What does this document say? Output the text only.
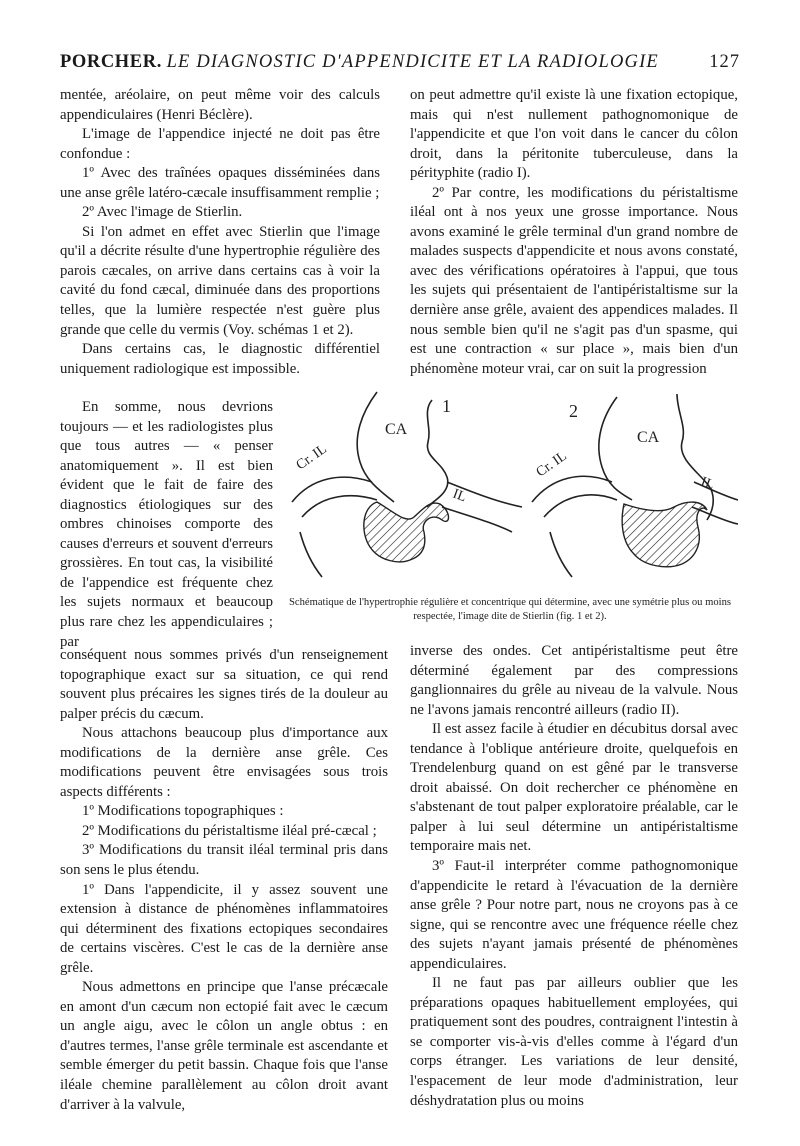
PORCHER. LE DIAGNOSTIC D'APPENDICITE ET LA RADIOLOGIE	127

mentée, aréolaire, on peut même voir des calculs appendiculaires (Henri Béclère).

L'image de l'appendice injecté ne doit pas être confondue :

1º Avec des traînées opaques disséminées dans une anse grêle latéro-cæcale insuffisamment remplie ;

2º Avec l'image de Stierlin.

Si l'on admet en effet avec Stierlin que l'image qu'il a décrite résulte d'une hypertrophie régulière des parois cæcales, on arrive dans certains cas à voir la cavité du fond cæcal, diminuée dans des proportions telles, que la lumière respectée n'est guère plus grande que celle du vermis (Voy. schémas 1 et 2).

Dans certains cas, le diagnostic différentiel uniquement radiologique est impossible.

En somme, nous devrions toujours — et les radiologistes plus que tous autres — « penser anatomiquement ». Il est bien évident que le fait de faire des diagnostics étiologiques sur des ombres chinoises comporte des causes d'erreurs et souvent d'erreurs grossières. En tout cas, la visibilité de l'appendice est fréquente chez les sujets normaux et beaucoup plus rare chez les appendiculaires ; par

conséquent nous sommes privés d'un renseignement topographique exact sur sa situation, ce qui rend souvent plus précaires les signes tirés de la douleur au palper précis du cæcum.

Nous attachons beaucoup plus d'importance aux modifications de la dernière anse grêle. Ces modifications peuvent être envisagées sous trois aspects différents :

1º Modifications topographiques :

2º Modifications du péristaltisme iléal pré-cæcal ;

3º Modifications du transit iléal terminal pris dans son sens le plus étendu.

1º Dans l'appendicite, il y assez souvent une extension à distance de phénomènes inflammatoires qui déterminent des fixations ectopiques secondaires de certains viscères. C'est le cas de la dernière anse grêle.

Nous admettons en principe que l'anse précæcale en amont d'un cæcum non ectopié fait avec le cæcum un angle aigu, avec le côlon un angle obtus : en d'autres termes, l'anse grêle terminale est ascendante et semble émerger du petit bassin. Chaque fois que l'anse iléale chemine parallèlement au côlon droit avant d'arriver à la valvule,

on peut admettre qu'il existe là une fixation ectopique, mais qui n'est nullement pathognomonique de l'appendicite et que l'on voit dans le cancer du côlon droit, dans la péritonite tuberculeuse, dans la pérityphite (radio I).

2º Par contre, les modifications du péristaltisme iléal ont à nos yeux une grosse importance. Nous avons examiné le grêle terminal d'un grand nombre de malades suspects d'appendicite et nous avons constaté, avec des vérifications opératoires à l'appui, que tous les sujets qui présentaient de l'antipéristaltisme sur la dernière anse grêle, avaient des appendices malades. Il nous semble bien qu'il ne s'agit pas d'un spasme, qui est une contraction « sur place », mais bien d'un phénomène moteur vrai, car on suit la progression

1
CA
IL
Cr. IL
2
CA
IL
Cr. IL
Schématique de l'hypertrophie régulière et concentrique qui détermine, avec une symétrie plus ou moins respectée, l'image dite de Stierlin (fig. 1 et 2).

inverse des ondes. Cet antipéristaltisme peut être déterminé également par des compressions ganglionnaires du grêle au niveau de la valvule. Nous ne l'avons jamais rencontré ailleurs (radio II).

Il est assez facile à étudier en décubitus dorsal avec tendance à l'oblique antérieure droite, quelquefois en Trendelenburg quand on est gêné par le transverse droit abaissé. On doit rechercher ce phénomène en s'abstenant de tout palper exploratoire préalable, car le palper à lui seul détermine un antipéristaltisme temporaire mais net.

3º Faut-il interpréter comme pathognomonique d'appendicite le retard à l'évacuation de la dernière anse grêle ? Pour notre part, nous ne croyons pas à ce signe, qui se rencontre avec une fréquence réelle chez des sujets n'ayant jamais présenté de phénomènes appendiculaires.

Il ne faut pas par ailleurs oublier que les préparations opaques habituellement employées, qui pratiquement sont des poudres, contraignent l'intestin à se comporter vis-à-vis d'elles comme à l'égard d'un corps étranger. Les variations de leur densité, l'espacement de leur mode d'administration, leur déshydratation plus ou moins
